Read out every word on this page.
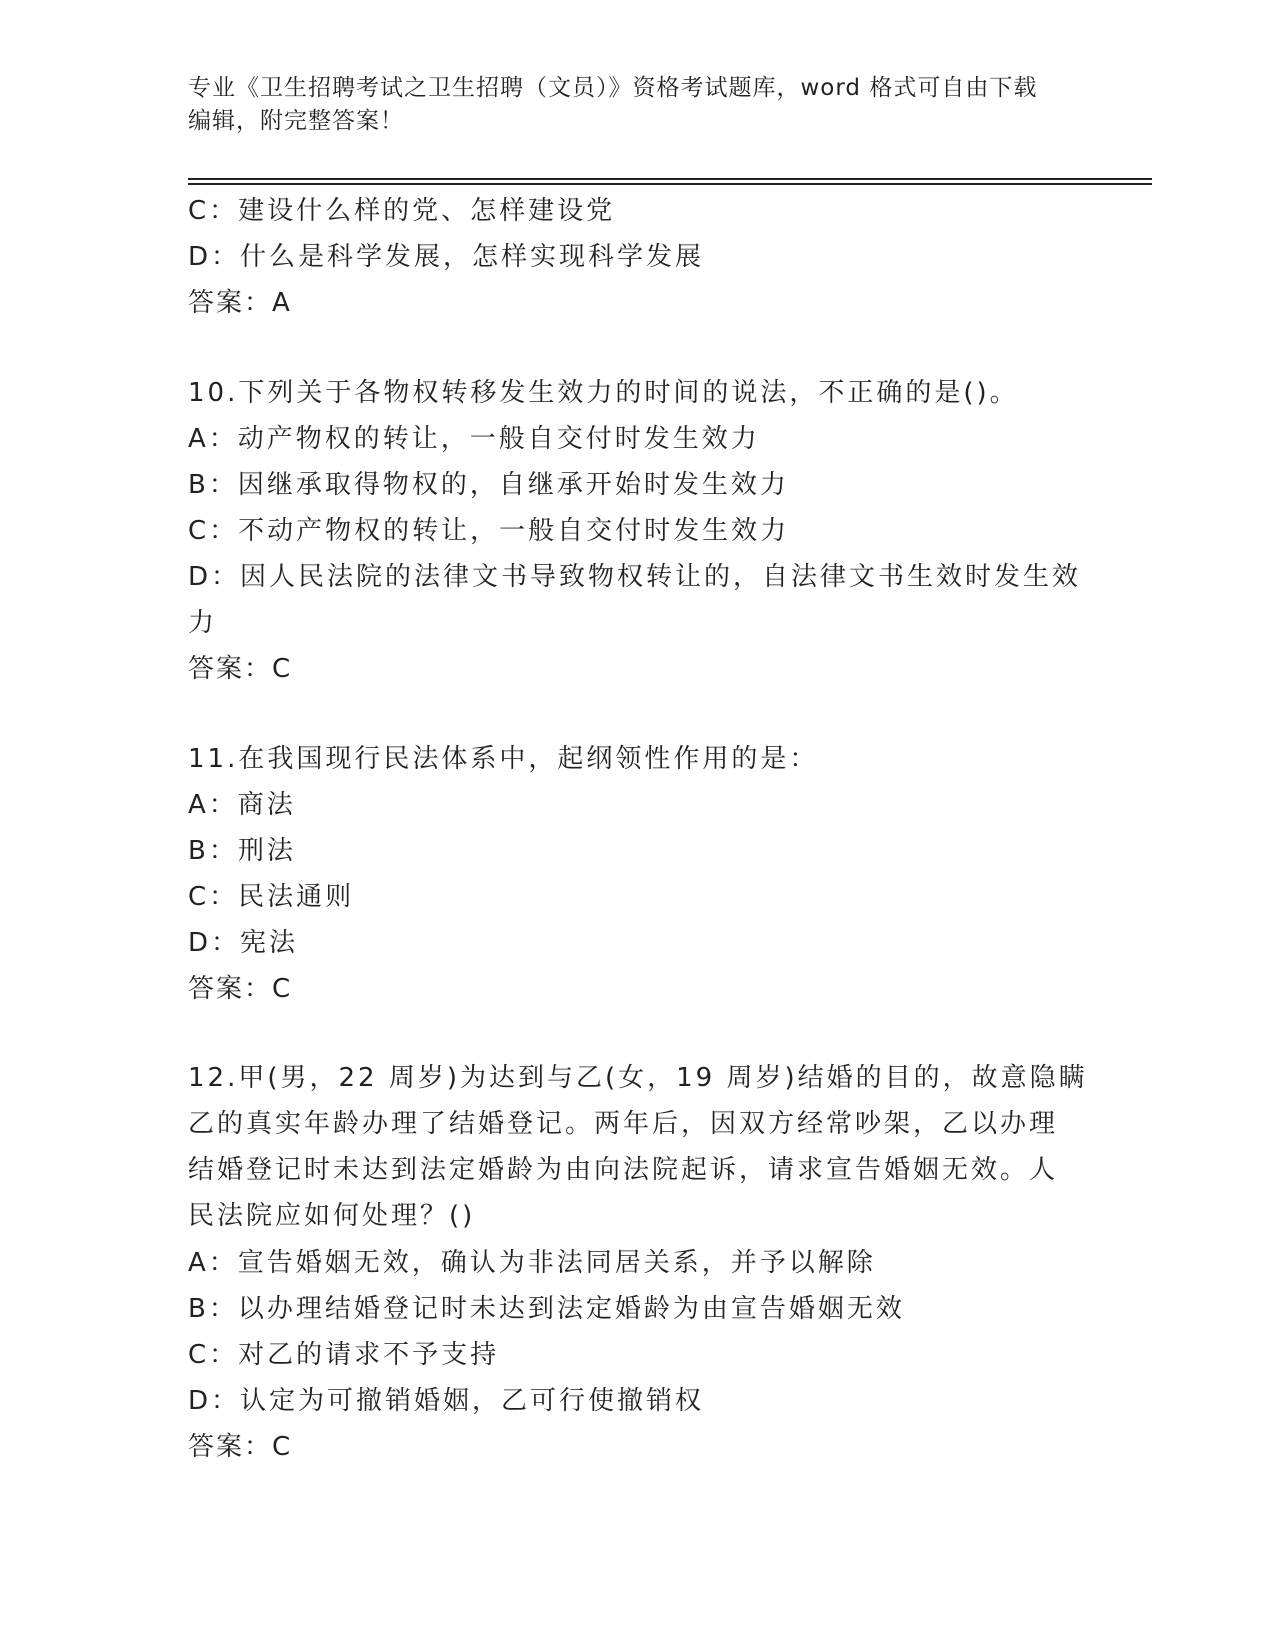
专业《卫生招聘考试之卫生招聘（文员）》资格考试题库，word 格式可自由下载
编辑，附完整答案！
C：建设什么样的党、怎样建设党
D：什么是科学发展，怎样实现科学发展
答案：A
10.下列关于各物权转移发生效力的时间的说法，不正确的是()。
A：动产物权的转让，一般自交付时发生效力
B：因继承取得物权的，自继承开始时发生效力
C：不动产物权的转让，一般自交付时发生效力
D：因人民法院的法律文书导致物权转让的，自法律文书生效时发生效
力
答案：C
11.在我国现行民法体系中，起纲领性作用的是：
A：商法
B：刑法
C：民法通则
D：宪法
答案：C
12.甲(男，22 周岁)为达到与乙(女，19 周岁)结婚的目的，故意隐瞒
乙的真实年龄办理了结婚登记。两年后，因双方经常吵架，乙以办理
结婚登记时未达到法定婚龄为由向法院起诉，请求宣告婚姻无效。人
民法院应如何处理？()
A：宣告婚姻无效，确认为非法同居关系，并予以解除
B：以办理结婚登记时未达到法定婚龄为由宣告婚姻无效
C：对乙的请求不予支持
D：认定为可撤销婚姻，乙可行使撤销权
答案：C
